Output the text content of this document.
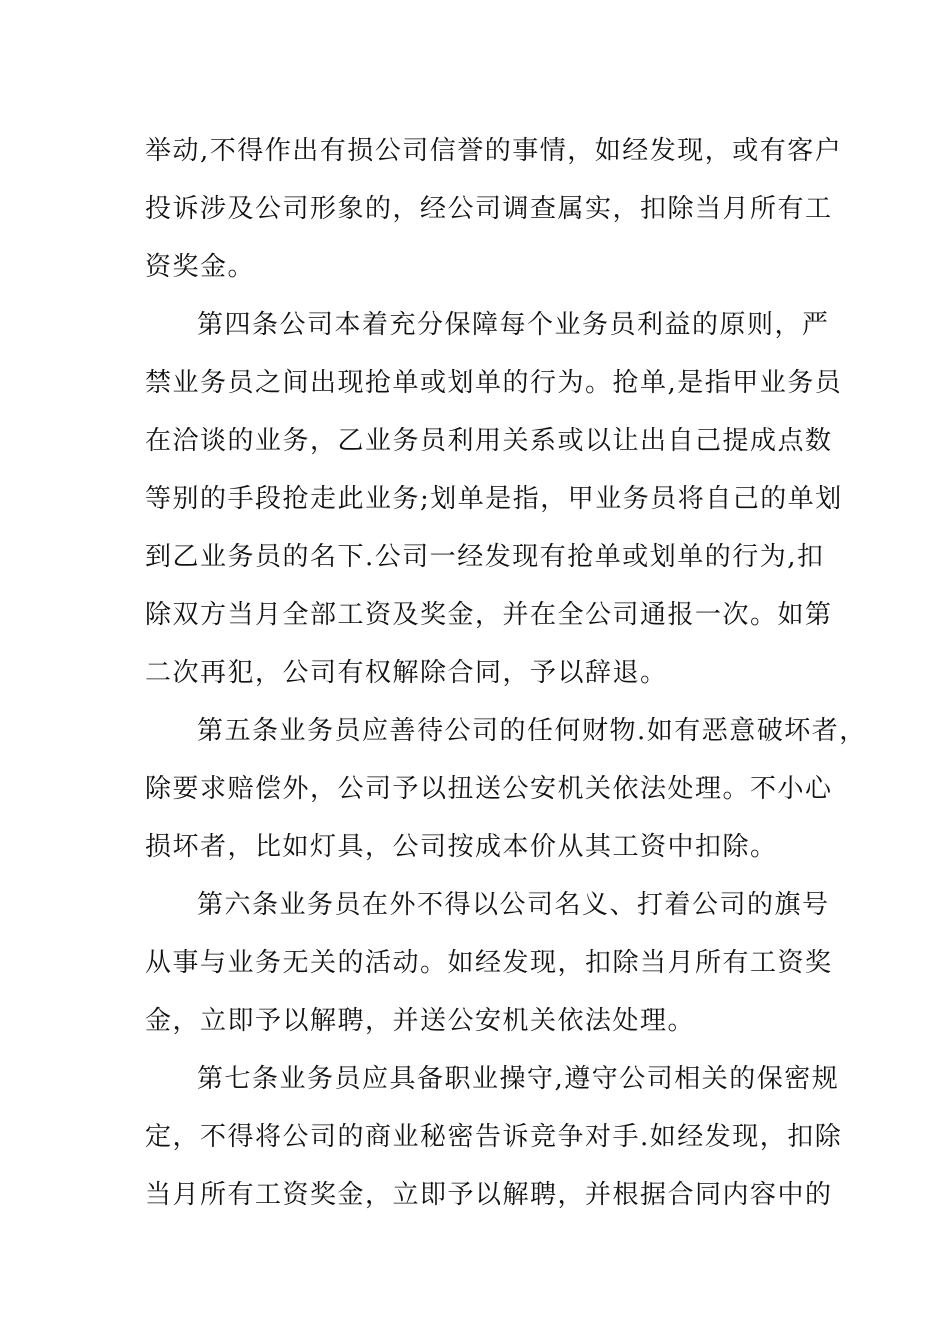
举动,不得作出有损公司信誉的事情，如经发现，或有客户
投诉涉及公司形象的，经公司调查属实，扣除当月所有工
资奖金。
第四条公司本着充分保障每个业务员利益的原则，严
禁业务员之间出现抢单或划单的行为。抢单,是指甲业务员
在洽谈的业务，乙业务员利用关系或以让出自己提成点数
等别的手段抢走此业务;划单是指，甲业务员将自己的单划
到乙业务员的名下.公司一经发现有抢单或划单的行为,扣
除双方当月全部工资及奖金，并在全公司通报一次。如第
二次再犯，公司有权解除合同，予以辞退。
第五条业务员应善待公司的任何财物.如有恶意破坏者，
除要求赔偿外，公司予以扭送公安机关依法处理。不小心
损坏者，比如灯具，公司按成本价从其工资中扣除。
第六条业务员在外不得以公司名义、打着公司的旗号
从事与业务无关的活动。如经发现，扣除当月所有工资奖
金，立即予以解聘，并送公安机关依法处理。
第七条业务员应具备职业操守,遵守公司相关的保密规
定，不得将公司的商业秘密告诉竞争对手.如经发现，扣除
当月所有工资奖金，立即予以解聘，并根据合同内容中的
